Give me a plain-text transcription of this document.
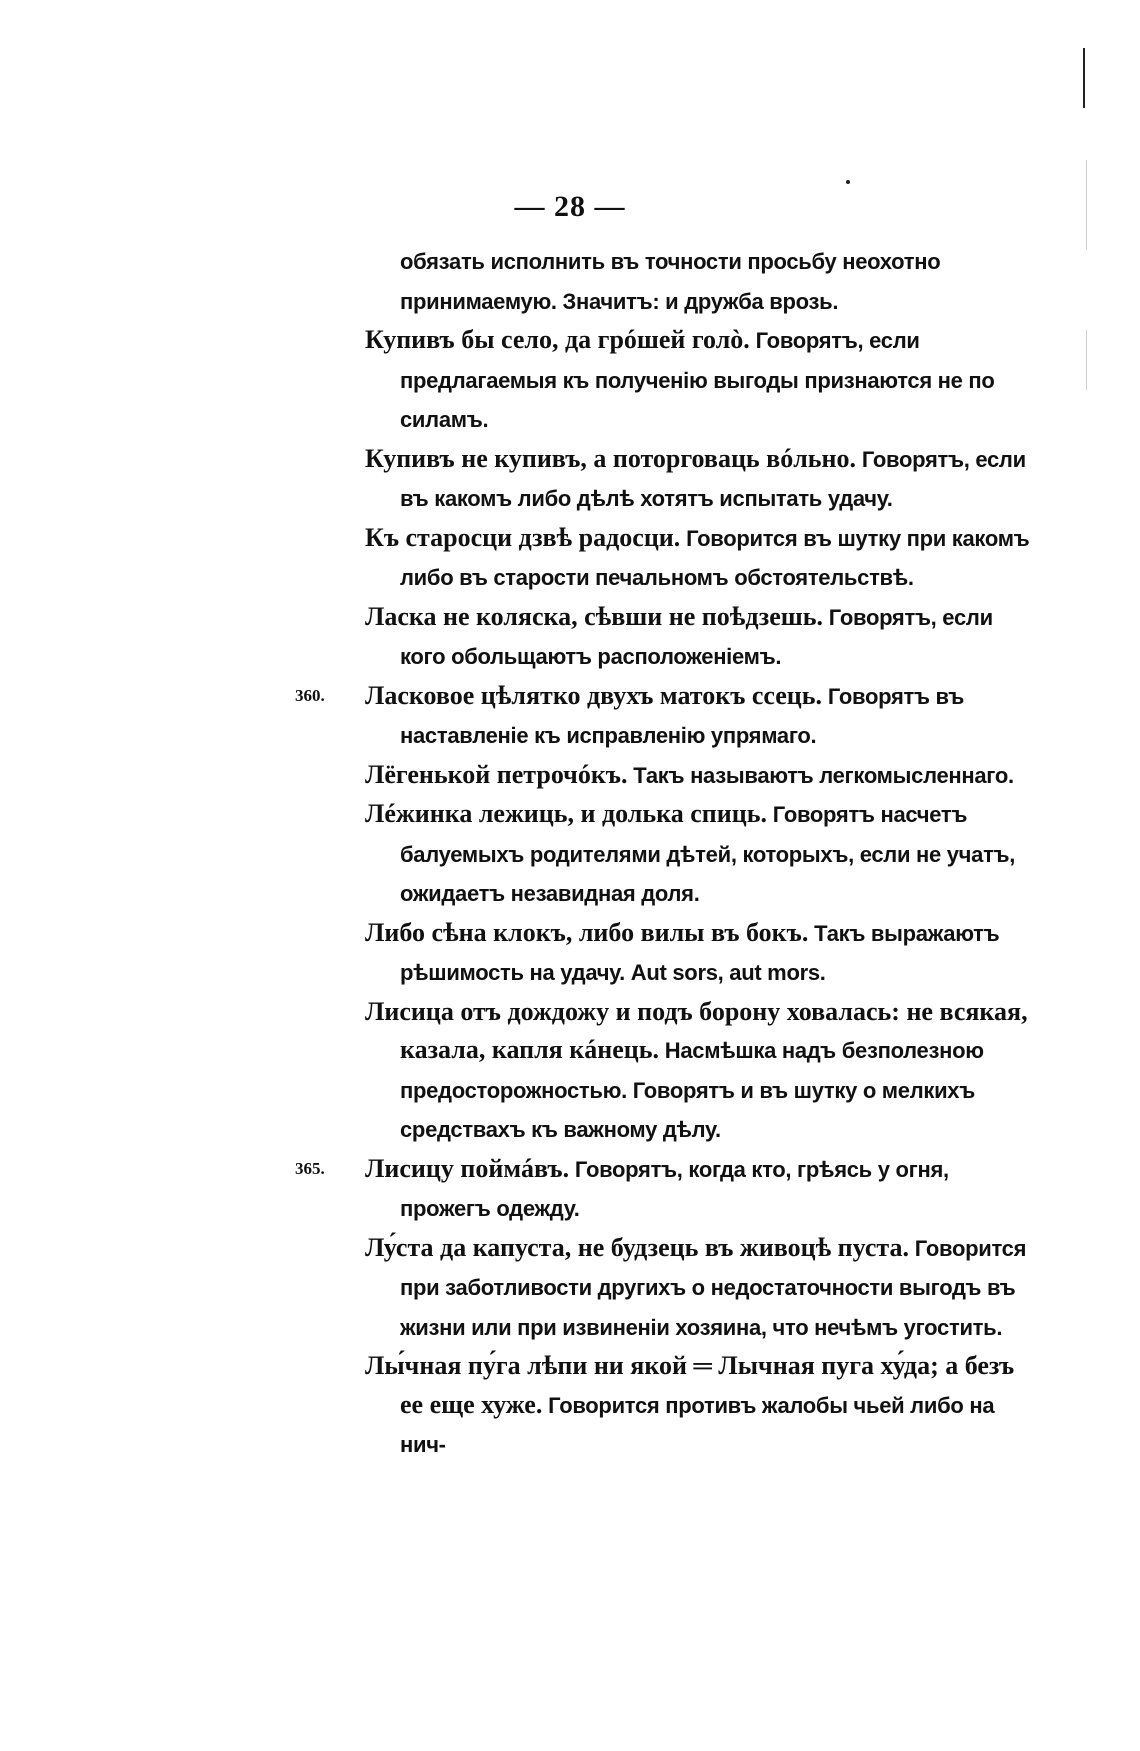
— 28 —
обязать исполнить въ точности просьбу неохотно принимаемую. Значитъ: и дружба врозь.
Купивъ бы село, да грóшей голò. Говорятъ, если предлагаемыя къ полученію выгоды признаются не по силамъ.
Купивъ не купивъ, а поторговаць вóльно. Говорятъ, если въ какомъ либо дѣлѣ хотятъ испытать удачу.
Къ старосци дзвѣ радосци. Говорится въ шутку при какомъ либо въ старости печальномъ обстоятельствѣ.
Ласка не коляска, сѣвши не поѣдзешь. Говорятъ, если кого обольщаютъ расположеніемъ.
360. Ласковое цѣлятко двухъ матокъ ссець. Говорятъ въ наставленіе къ исправленію упрямаго.
Лёгенькой петрочóкъ. Такъ называютъ легкомысленнаго.
Лéжинка лежиць, и долька спиць. Говорятъ насчетъ балуемыхъ родителями дѣтей, которыхъ, если не учатъ, ожидаетъ незавидная доля.
Либо сѣна клокъ, либо вилы въ бокъ. Такъ выражаютъ рѣшимость на удачу. Aut sors, aut mors.
Лисица отъ дождожу и подъ борону ховалась: не всякая, казала, капля кáнець. Насмѣшка надъ безполезною предосторожностью. Говорятъ и въ шутку о мелкихъ средствахъ къ важному дѣлу.
365. Лисицу поймáвъ. Говорятъ, когда кто, грѣясь у огня, прожегъ одежду.
Лу́ста да капуста, не будзець въ живоцѣ пуста. Говорится при заботливости другихъ о недостаточности выгодъ въ жизни или при извиненіи хозяина, что нечѣмъ угостить.
Лы́чная пу́га лѣпи ни якой ═ Лычная пуга ху́да; а безъ ее еще хуже. Говорится противъ жалобы чьей либо на нич-
